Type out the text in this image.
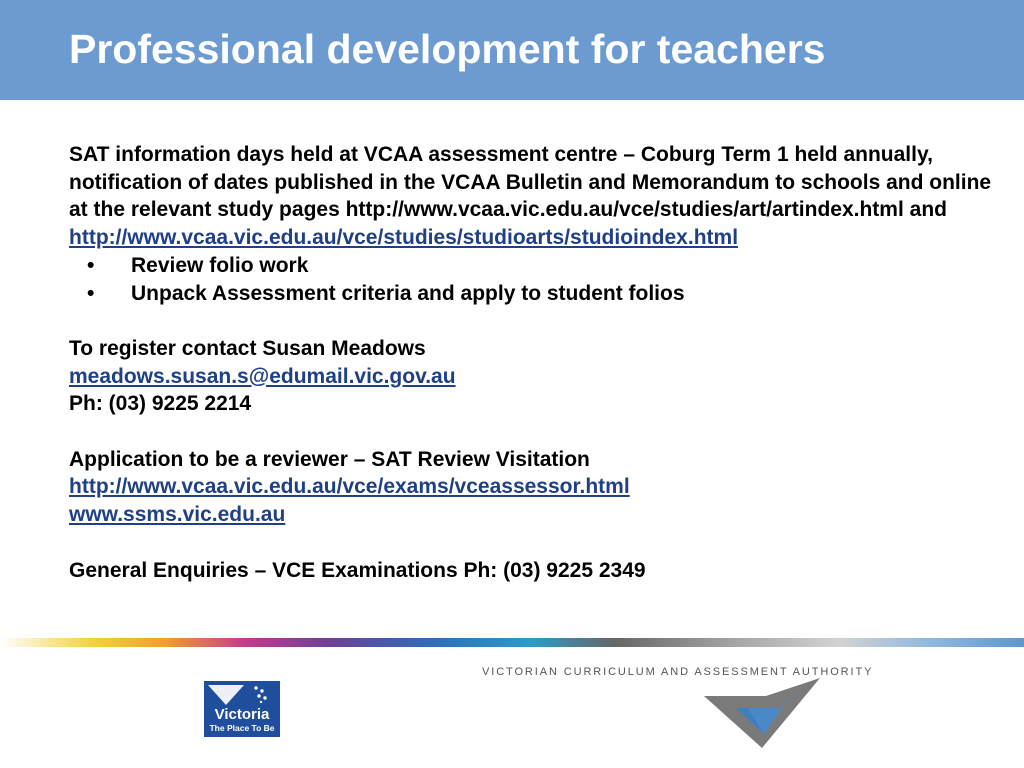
Professional development for teachers

SAT information days held at VCAA assessment centre – Coburg Term 1 held annually, notification of dates published in the VCAA Bulletin and Memorandum to schools and online at the relevant study pages http://www.vcaa.vic.edu.au/vce/studies/art/artindex.html and

http://www.vcaa.vic.edu.au/vce/studies/studioarts/studioindex.html

• Review folio work
• Unpack Assessment criteria and apply to student folios

To register contact Susan Meadows

meadows.susan.s@edumail.vic.gov.au

Ph: (03) 9225 2214

Application to be a reviewer – SAT Review Visitation

http://www.vcaa.vic.edu.au/vce/exams/vceassessor.html

www.ssms.vic.edu.au

General Enquiries – VCE Examinations Ph: (03) 9225 2349

Victoria
The Place To Be
VICTORIAN CURRICULUM AND ASSESSMENT AUTHORITY
